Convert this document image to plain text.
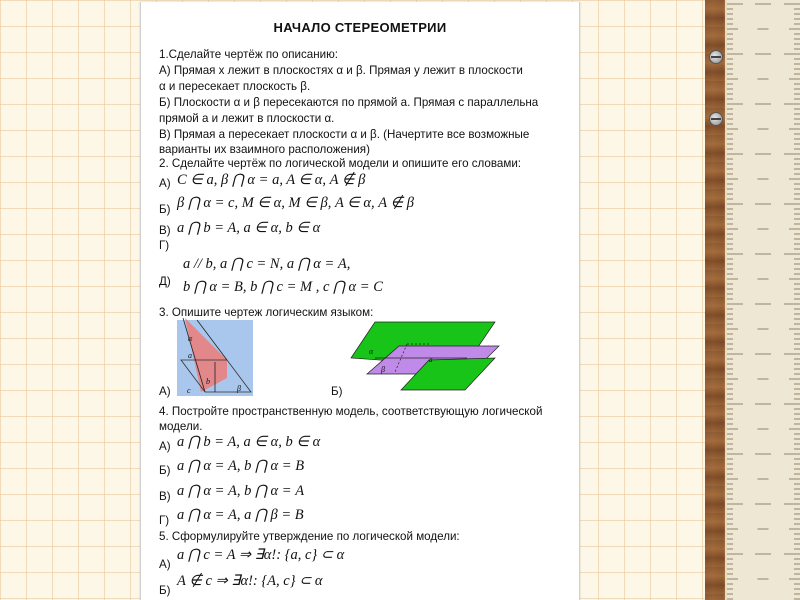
НАЧАЛО СТЕРЕОМЕТРИИ
1.Сделайте чертёж по описанию:
А) Прямая x лежит в плоскостях α и β. Прямая y лежит в плоскости
α и пересекает плоскость β.
Б) Плоскости α и β пересекаются по прямой a. Прямая c параллельна
прямой a и лежит в плоскости α.
В) Прямая a пересекает плоскости α и β. (Начертите все возможные
варианты их взаимного расположения)
2. Сделайте чертёж по логической модели и опишите его словами:
А) C ∈ a, β ⋂ α = a, A ∈ α, A ∉ β
Б) β ⋂ α = c, M ∈ α, M ∈ β, A ∈ α, A ∉ β
В) a ⋂ b = A, a ∈ α, b ∈ α
Г)
a // b, a ⋂ c = N, a ⋂ α = A,
Д) b ⋂ α = B, b ⋂ c = M , c ⋂ α = C
3. Опишите чертеж логическим языком:
α
a
b
c	β
А)	Б)
α
β
a
4. Постройте пространственную модель, соответствующую логической
модели.
А) a ⋂ b = A, a ∈ α, b ∈ α
Б) a ⋂ α = A, b ⋂ α = B
В) a ⋂ α = A, b ⋂ α = A
Г) a ⋂ α = A, a ⋂ β = B
5. Сформулируйте утверждение по логической модели:
А)
a ⋂ c = A ⇒ ∃α!: {a, c} ⊂ α
Б)
A ∉ c ⇒ ∃α!: {A, c} ⊂ α
